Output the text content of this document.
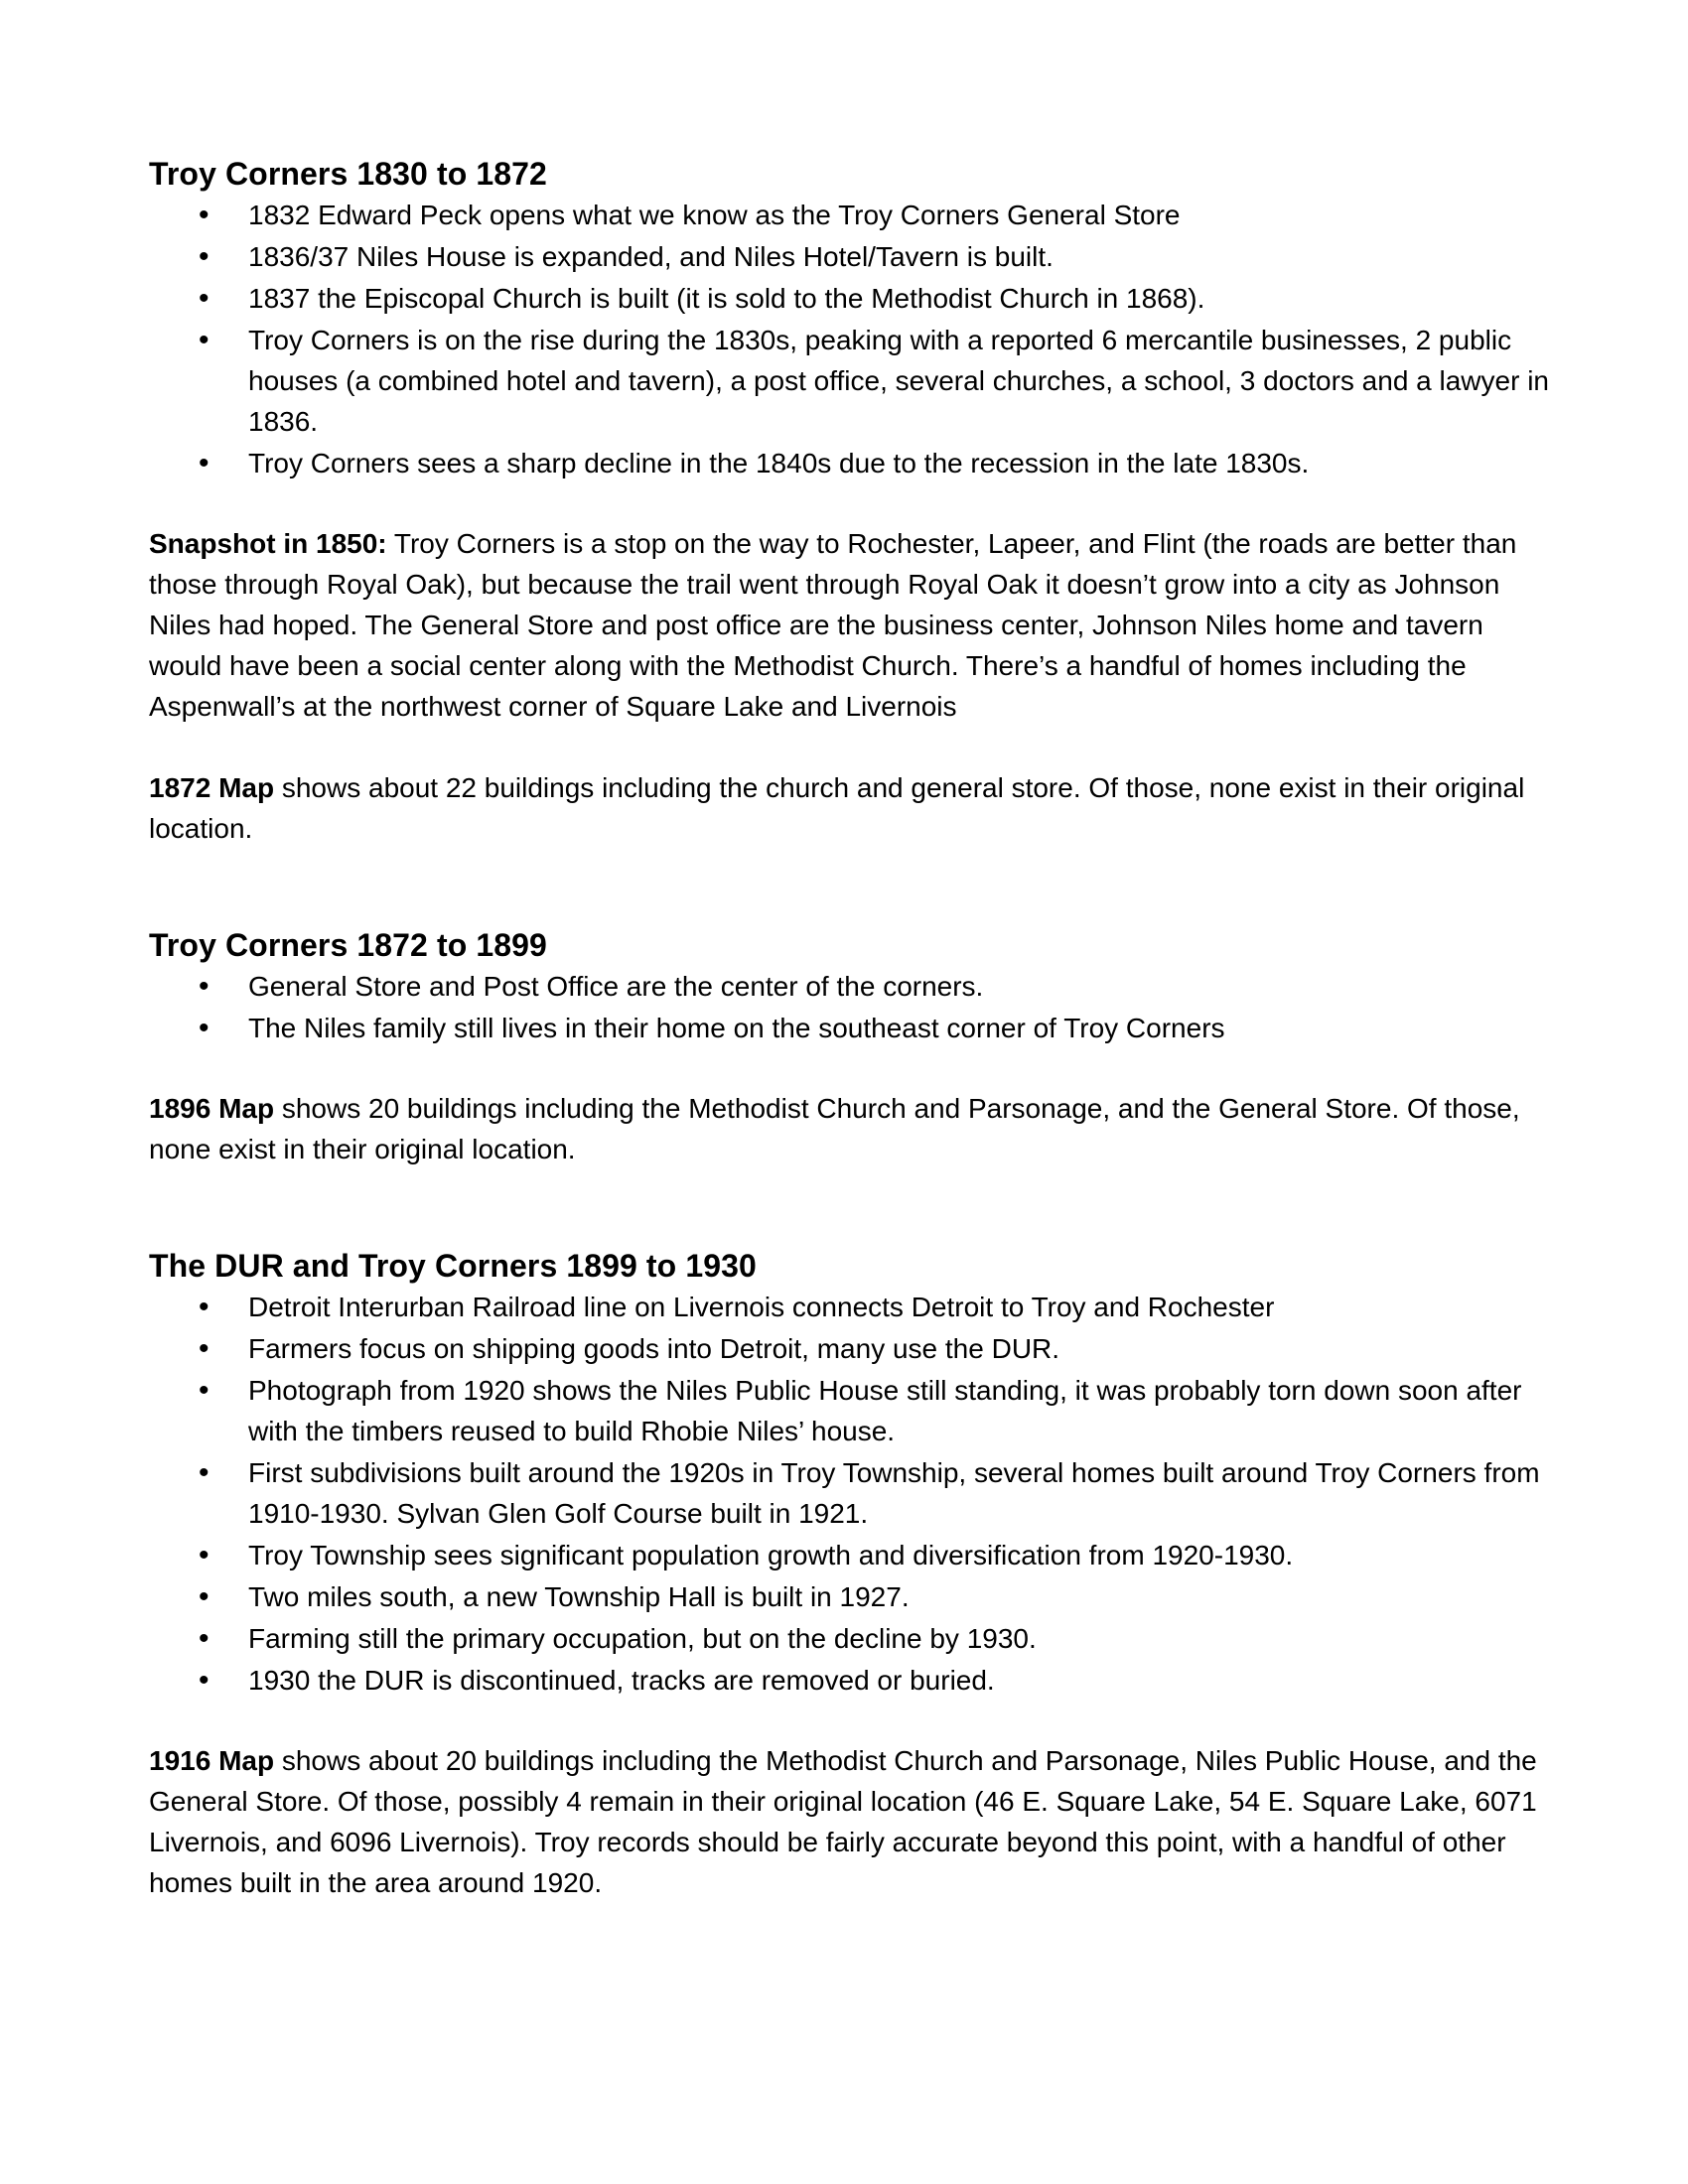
Troy Corners 1830 to 1872
• 1832 Edward Peck opens what we know as the Troy Corners General Store
• 1836/37 Niles House is expanded, and Niles Hotel/Tavern is built.
• 1837 the Episcopal Church is built (it is sold to the Methodist Church in 1868).
• Troy Corners is on the rise during the 1830s, peaking with a reported 6 mercantile businesses, 2 public houses (a combined hotel and tavern), a post office, several churches, a school, 3 doctors and a lawyer in 1836.
• Troy Corners sees a sharp decline in the 1840s due to the recession in the late 1830s.

Snapshot in 1850: Troy Corners is a stop on the way to Rochester, Lapeer, and Flint (the roads are better than those through Royal Oak), but because the trail went through Royal Oak it doesn’t grow into a city as Johnson Niles had hoped. The General Store and post office are the business center, Johnson Niles home and tavern would have been a social center along with the Methodist Church. There’s a handful of homes including the Aspenwall’s at the northwest corner of Square Lake and Livernois

1872 Map shows about 22 buildings including the church and general store. Of those, none exist in their original location.

Troy Corners 1872 to 1899
• General Store and Post Office are the center of the corners.
• The Niles family still lives in their home on the southeast corner of Troy Corners

1896 Map shows 20 buildings including the Methodist Church and Parsonage, and the General Store. Of those, none exist in their original location.

The DUR and Troy Corners 1899 to 1930
• Detroit Interurban Railroad line on Livernois connects Detroit to Troy and Rochester
• Farmers focus on shipping goods into Detroit, many use the DUR.
• Photograph from 1920 shows the Niles Public House still standing, it was probably torn down soon after with the timbers reused to build Rhobie Niles’ house.
• First subdivisions built around the 1920s in Troy Township, several homes built around Troy Corners from 1910-1930. Sylvan Glen Golf Course built in 1921.
• Troy Township sees significant population growth and diversification from 1920-1930.
• Two miles south, a new Township Hall is built in 1927.
• Farming still the primary occupation, but on the decline by 1930.
• 1930 the DUR is discontinued, tracks are removed or buried.

1916 Map shows about 20 buildings including the Methodist Church and Parsonage, Niles Public House, and the General Store. Of those, possibly 4 remain in their original location (46 E. Square Lake, 54 E. Square Lake, 6071 Livernois, and 6096 Livernois). Troy records should be fairly accurate beyond this point, with a handful of other homes built in the area around 1920.
